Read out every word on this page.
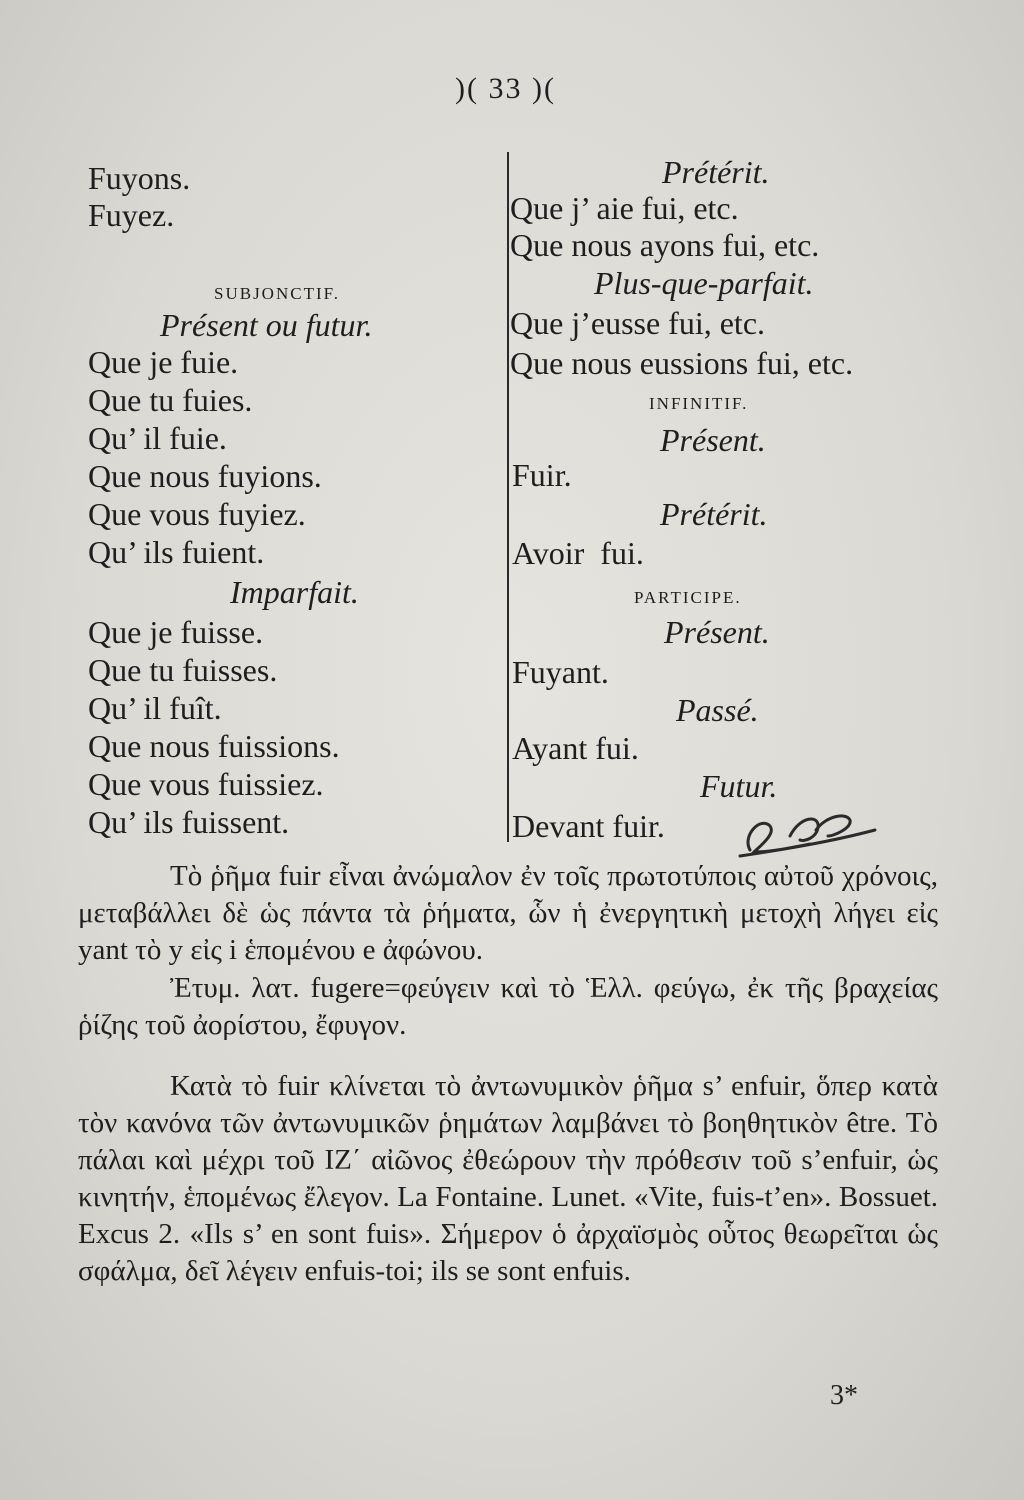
)( 33 )(
Fuyons.
Fuyez.
SUBJONCTIF.
Présent ou futur.
Que je fuie.
Que tu fuies.
Qu’ il fuie.
Que nous fuyions.
Que vous fuyiez.
Qu’ ils fuient.
Imparfait.
Que je fuisse.
Que tu fuisses.
Qu’ il fuît.
Que nous fuissions.
Que vous fuissiez.
Qu’ ils fuissent.
Prétérit.
Que j’ aie fui, etc.
Que nous ayons fui, etc.
Plus-que-parfait.
Que j’eusse fui, etc.
Que nous eussions fui, etc.
INFINITIF.
Présent.
Fuir.
Prétérit.
Avoir  fui.
PARTICIPE.
Présent.
Fuyant.
Passé.
Ayant fui.
Futur.
Devant fuir.
Τὸ ῥῆμα fuir εἶναι ἀνώμαλον ἐν τοῖς πρωτοτύποις αὐτοῦ χρόνοις, μεταβάλλει δὲ ὡς πάντα τὰ ῥήματα, ὧν ἡ ἐνεργητικὴ μετοχὴ λήγει εἰς yant τὸ y εἰς i ἑπομένου e ἀφώνου.
Ἐτυμ. λατ. fugere=φεύγειν καὶ τὸ Ἑλλ. φεύγω, ἐκ τῆς βραχείας ῥίζης τοῦ ἀορίστου, ἔφυγον.
Κατὰ τὸ fuir κλίνεται τὸ ἀντωνυμικὸν ῥῆμα s’ enfuir, ὅπερ κατὰ τὸν κανόνα τῶν ἀντωνυμικῶν ῥημάτων λαμβάνει τὸ βοηθητικὸν être. Τὸ πάλαι καὶ μέχρι τοῦ ΙΖ΄ αἰῶνος ἐθεώρουν τὴν πρόθεσιν τοῦ s’enfuir, ὡς κινητήν, ἑπομένως ἔλεγον. La Fontaine. Lunet. «Vite, fuis-t’en». Bossuet. Excus 2. «Ils s’ en sont fuis». Σήμερον ὁ ἀρχαϊσμὸς οὗτος θεωρεῖται ὡς σφάλμα, δεῖ λέγειν enfuis-toi; ils se sont enfuis.
3*
